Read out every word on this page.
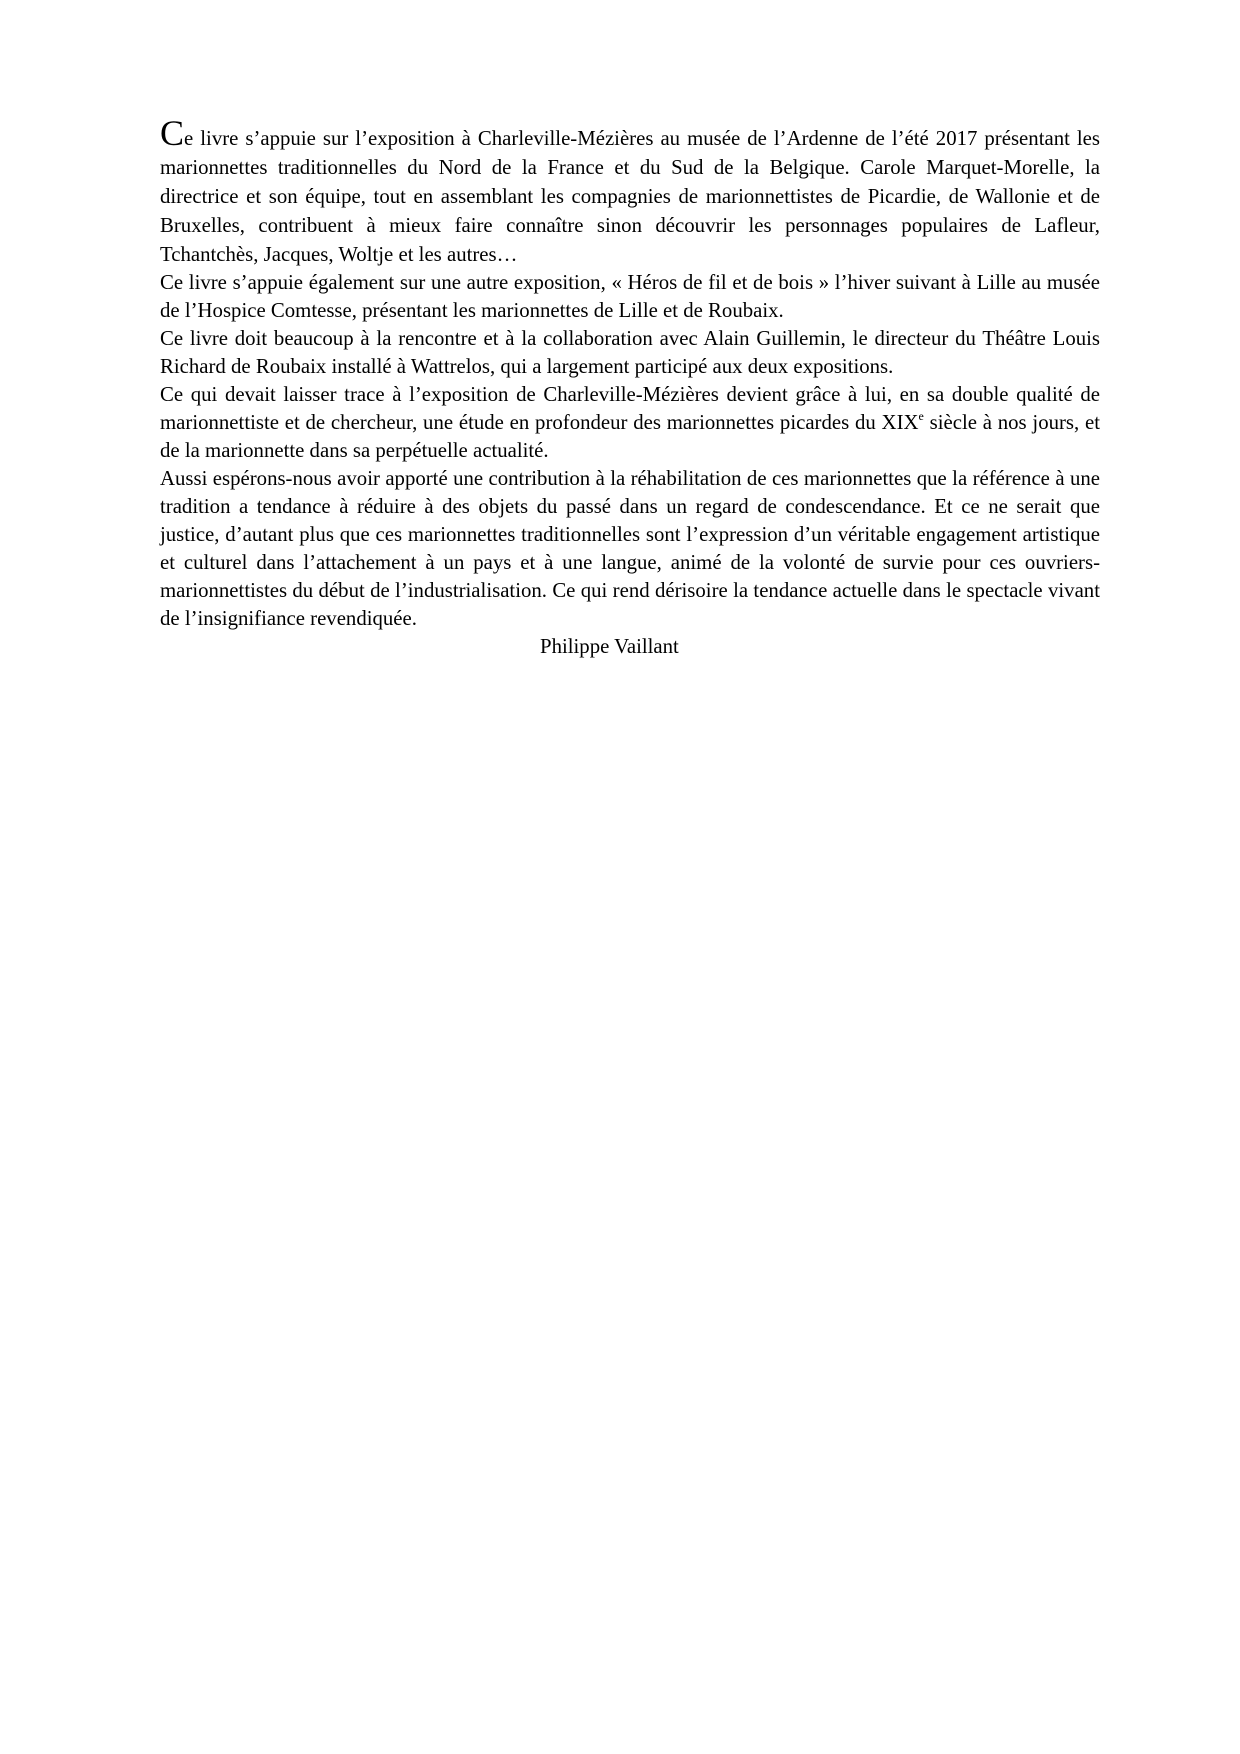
Ce livre s’appuie sur l’exposition à Charleville-Mézières au musée de l’Ardenne de l’été 2017 présentant les marionnettes traditionnelles du Nord de la France et du Sud de la Belgique. Carole Marquet-Morelle, la directrice et son équipe, tout en assemblant les compagnies de marionnettistes de Picardie, de Wallonie et de Bruxelles, contribuent à mieux faire connaître sinon découvrir les personnages populaires de Lafleur, Tchantchès, Jacques, Woltje et les autres…

Ce livre s’appuie également sur une autre exposition, « Héros de fil et de bois » l’hiver suivant à Lille au musée de l’Hospice Comtesse, présentant les marionnettes de Lille et de Roubaix.

Ce livre doit beaucoup à la rencontre et à la collaboration avec Alain Guillemin, le directeur du Théâtre Louis Richard de Roubaix installé à Wattrelos, qui a largement participé aux deux expositions.

Ce qui devait laisser trace à l’exposition de Charleville-Mézières devient grâce à lui, en sa double qualité de marionnettiste et de chercheur, une étude en profondeur des marionnettes picardes du XIXe siècle à nos jours, et de la marionnette dans sa perpétuelle actualité.

Aussi espérons-nous avoir apporté une contribution à la réhabilitation de ces marionnettes que la référence à une tradition a tendance à réduire à des objets du passé dans un regard de condescendance. Et ce ne serait que justice, d’autant plus que ces marionnettes traditionnelles sont l’expression d’un véritable engagement artistique et culturel dans l’attachement à un pays et à une langue, animé de la volonté de survie pour ces ouvriers-marionnettistes du début de l’industrialisation. Ce qui rend dérisoire la tendance actuelle dans le spectacle vivant de l’insignifiance revendiquée.

Philippe Vaillant
